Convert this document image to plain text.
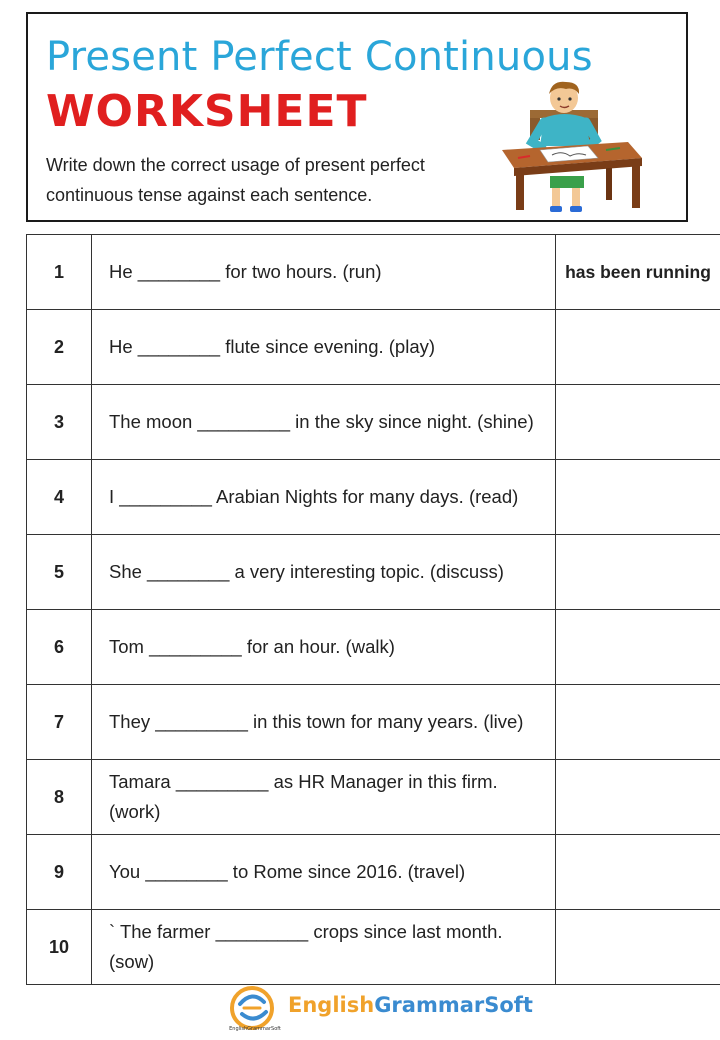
Present Perfect Continuous
WORKSHEET
Write down the correct usage of present perfect continuous tense against each sentence.
1	He ________ for two hours. (run)	has been running
2	He ________ flute since evening. (play)	
3	The moon _________ in the sky since night. (shine)	
4	I _________ Arabian Nights for many days. (read)	
5	She ________ a very interesting topic. (discuss)	
6	Tom _________ for an hour. (walk)	
7	They _________ in this town for many years. (live)	
8	Tamara _________ as HR Manager in this firm. (work)	
9	You ________ to Rome since 2016. (travel)	
10	` The farmer _________ crops since last month. (sow)	
EnglishGrammarSoft
EnglishGrammarSoft
